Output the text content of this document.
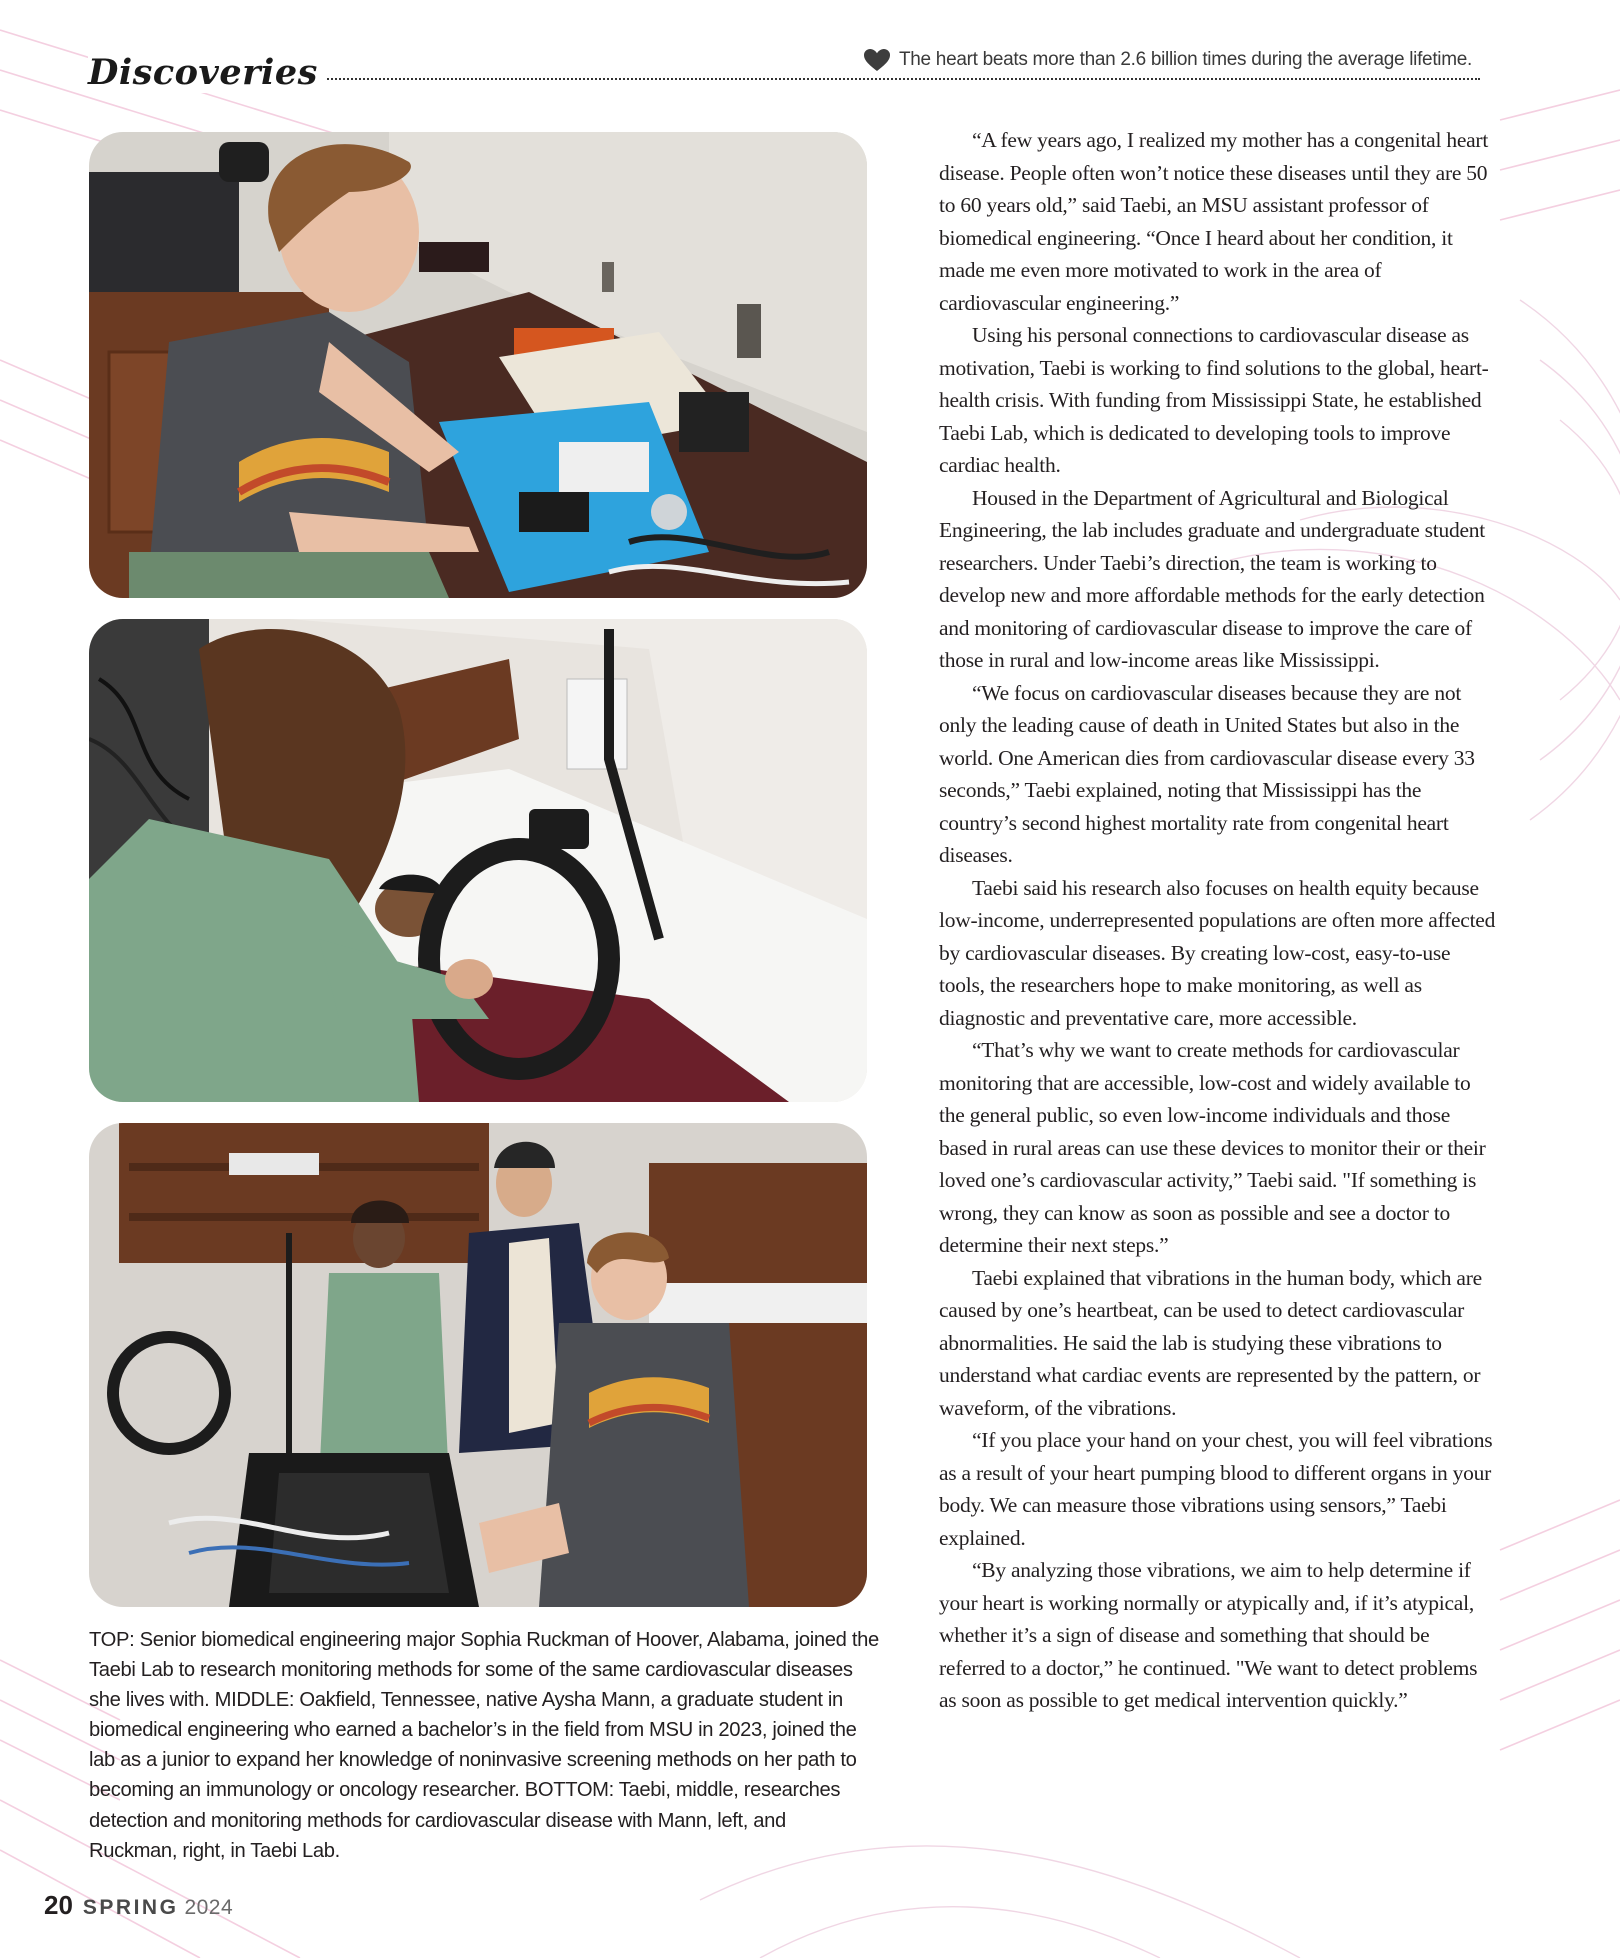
Discoveries	The heart beats more than 2.6 billion times during the average lifetime.

TOP: Senior biomedical engineering major Sophia Ruckman of Hoover, Alabama, joined the Taebi Lab to research monitoring methods for some of the same cardiovascular diseases she lives with. MIDDLE: Oakfield, Tennessee, native Aysha Mann, a graduate student in biomedical engineering who earned a bachelor’s in the field from MSU in 2023, joined the lab as a junior to expand her knowledge of noninvasive screening methods on her path to becoming an immunology or oncology researcher. BOTTOM: Taebi, middle, researches detection and monitoring methods for cardiovascular disease with Mann, left, and Ruckman, right, in Taebi Lab.

“A few years ago, I realized my mother has a congenital heart disease. People often won’t notice these diseases until they are 50 to 60 years old,” said Taebi, an MSU assistant professor of biomedical engineering. “Once I heard about her condition, it made me even more motivated to work in the area of cardiovascular engineering.”

Using his personal connections to cardiovascular disease as motivation, Taebi is working to find solutions to the global, heart-health crisis. With funding from Mississippi State, he established Taebi Lab, which is dedicated to developing tools to improve cardiac health.

Housed in the Department of Agricultural and Biological Engineering, the lab includes graduate and undergraduate student researchers. Under Taebi’s direction, the team is working to develop new and more affordable methods for the early detection and monitoring of cardiovascular disease to improve the care of those in rural and low-income areas like Mississippi.

“We focus on cardiovascular diseases because they are not only the leading cause of death in United States but also in the world. One American dies from cardiovascular disease every 33 seconds,” Taebi explained, noting that Mississippi has the country’s second highest mortality rate from congenital heart diseases.

Taebi said his research also focuses on health equity because low-income, underrepresented populations are often more affected by cardiovascular diseases. By creating low-cost, easy-to-use tools, the researchers hope to make monitoring, as well as diagnostic and preventative care, more accessible.

“That’s why we want to create methods for cardiovascular monitoring that are accessible, low-cost and widely available to the general public, so even low-income individuals and those based in rural areas can use these devices to monitor their or their loved one’s cardiovascular activity,” Taebi said. "If something is wrong, they can know as soon as possible and see a doctor to determine their next steps.”

Taebi explained that vibrations in the human body, which are caused by one’s heartbeat, can be used to detect cardiovascular abnormalities. He said the lab is studying these vibrations to understand what cardiac events are represented by the pattern, or waveform, of the vibrations.

“If you place your hand on your chest, you will feel vibrations as a result of your heart pumping blood to different organs in your body. We can measure those vibrations using sensors,” Taebi explained.

“By analyzing those vibrations, we aim to help determine if your heart is working normally or atypically and, if it’s atypical, whether it’s a sign of disease and something that should be referred to a doctor,” he continued. "We want to detect problems as soon as possible to get medical intervention quickly.”

20 SPRING 2024
